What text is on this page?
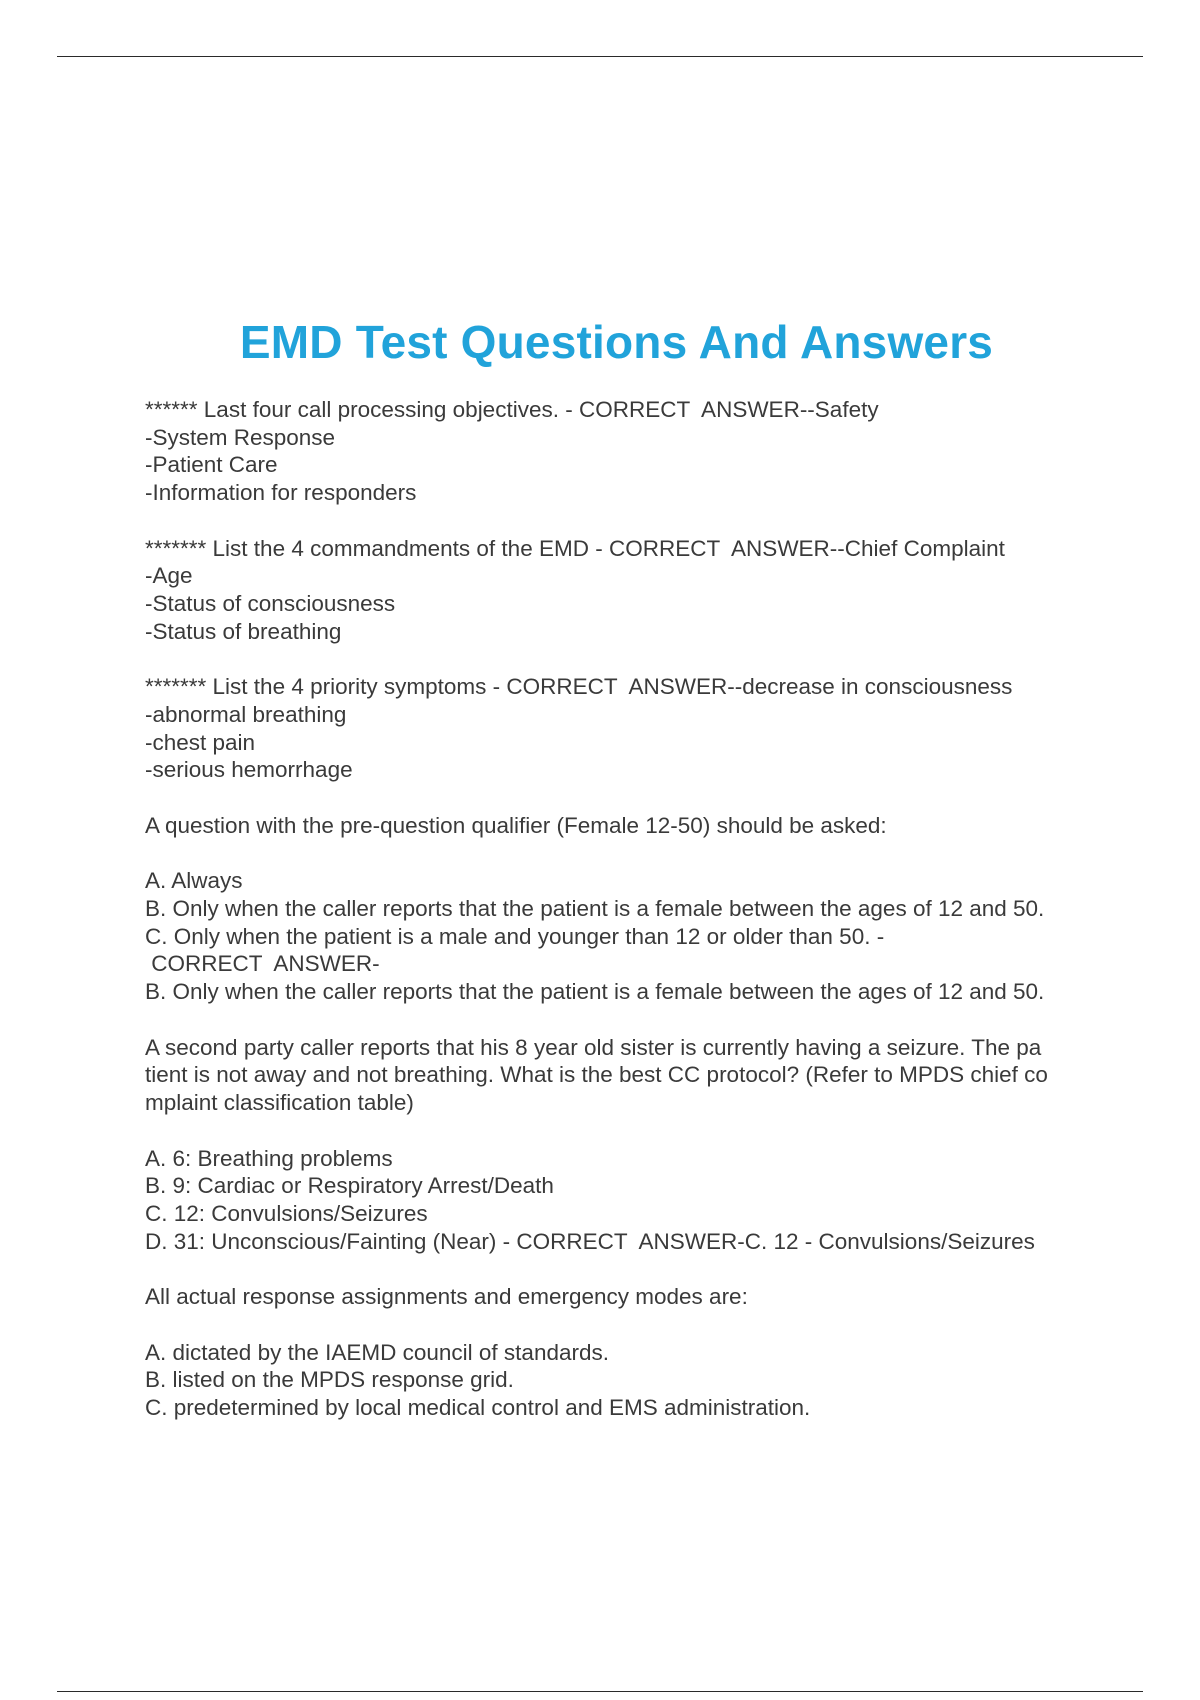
EMD Test Questions And Answers
****** Last four call processing objectives. - CORRECT  ANSWER--Safety
-System Response
-Patient Care
-Information for responders
******* List the 4 commandments of the EMD - CORRECT  ANSWER--Chief Complaint
-Age
-Status of consciousness
-Status of breathing
******* List the 4 priority symptoms - CORRECT  ANSWER--decrease in consciousness
-abnormal breathing
-chest pain
-serious hemorrhage
A question with the pre-question qualifier (Female 12-50) should be asked:
A. Always
B. Only when the caller reports that the patient is a female between the ages of 12 and 50.
C. Only when the patient is a male and younger than 12 or older than 50. -
CORRECT  ANSWER-
B. Only when the caller reports that the patient is a female between the ages of 12 and 50.
A second party caller reports that his 8 year old sister is currently having a seizure. The pa
tient is not away and not breathing. What is the best CC protocol? (Refer to MPDS chief co
mplaint classification table)
A. 6: Breathing problems
B. 9: Cardiac or Respiratory Arrest/Death
C. 12: Convulsions/Seizures
D. 31: Unconscious/Fainting (Near) - CORRECT  ANSWER-C. 12 - Convulsions/Seizures
All actual response assignments and emergency modes are:
A. dictated by the IAEMD council of standards.
B. listed on the MPDS response grid.
C. predetermined by local medical control and EMS administration.
